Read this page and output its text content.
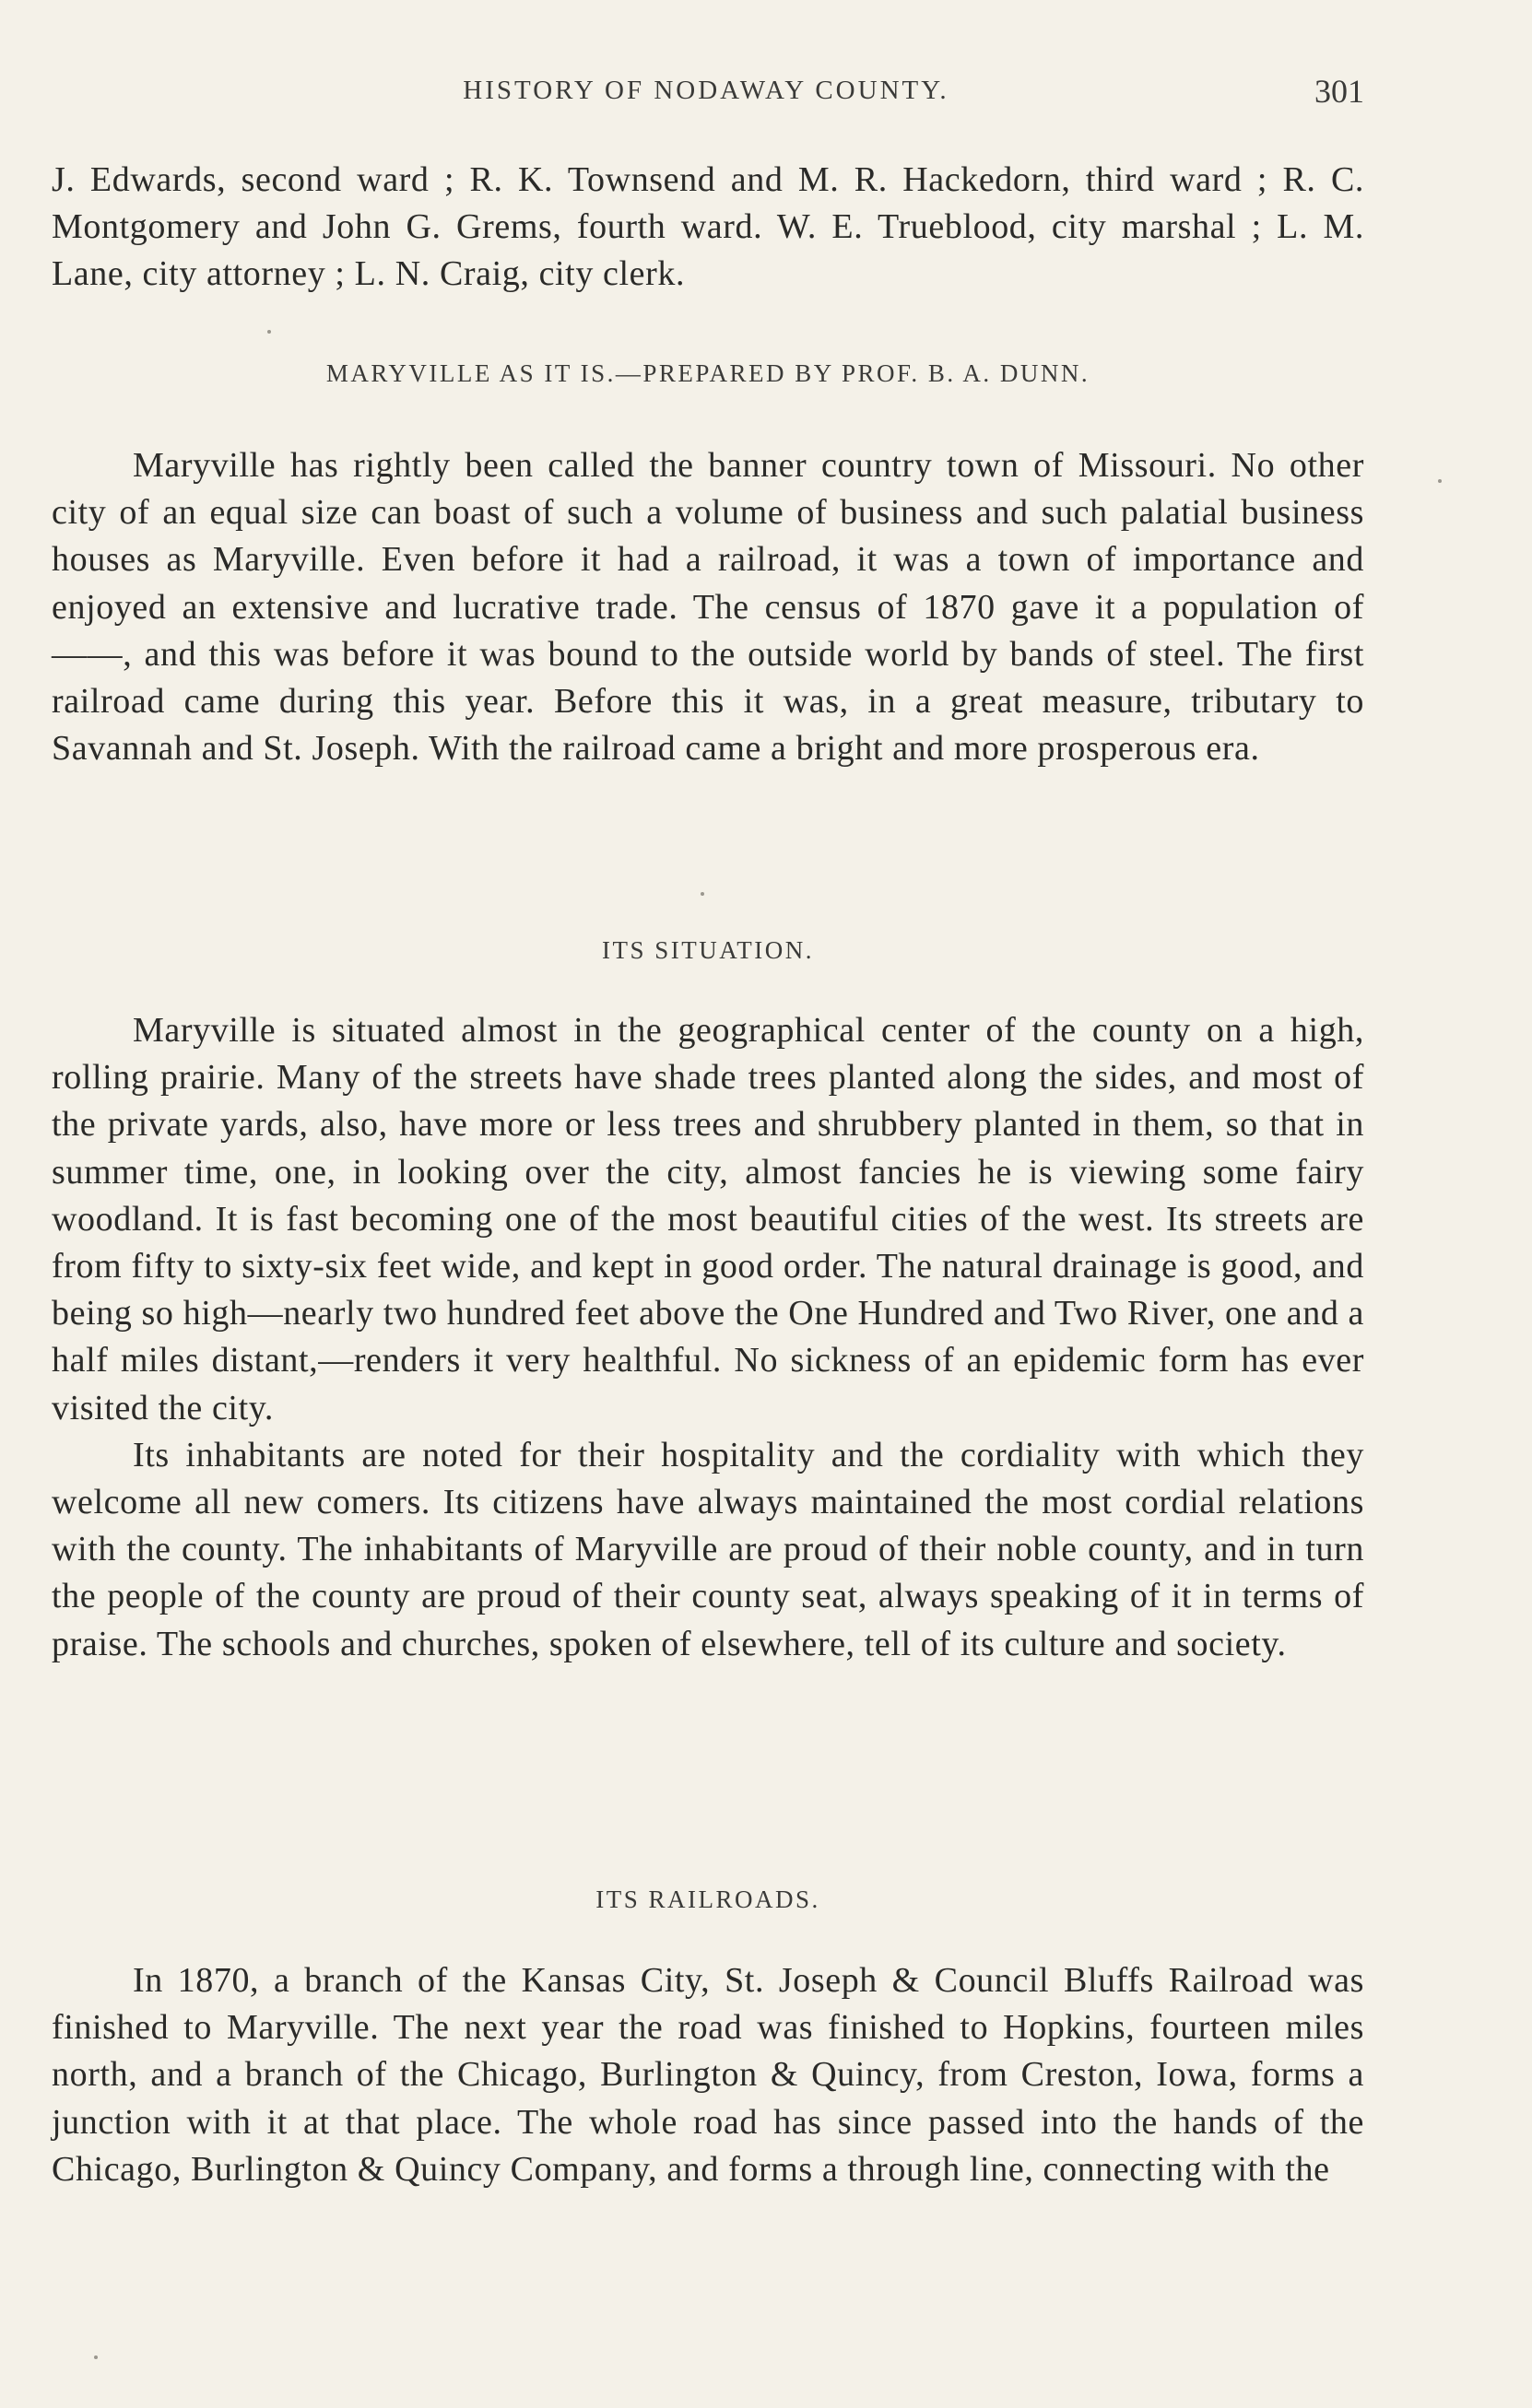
HISTORY OF NODAWAY COUNTY.	301

J. Edwards, second ward ; R. K. Townsend and M. R. Hackedorn, third ward ; R. C. Montgomery and John G. Grems, fourth ward. W. E. Trueblood, city marshal ; L. M. Lane, city attorney ; L. N. Craig, city clerk.

MARYVILLE AS IT IS.—PREPARED BY PROF. B. A. DUNN.

Maryville has rightly been called the banner country town of Missouri. No other city of an equal size can boast of such a volume of business and such palatial business houses as Maryville. Even before it had a railroad, it was a town of importance and enjoyed an extensive and lucrative trade. The census of 1870 gave it a population of ——, and this was before it was bound to the outside world by bands of steel. The first railroad came during this year. Before this it was, in a great measure, tributary to Savannah and St. Joseph. With the railroad came a bright and more prosperous era.

ITS SITUATION.

Maryville is situated almost in the geographical center of the county on a high, rolling prairie. Many of the streets have shade trees planted along the sides, and most of the private yards, also, have more or less trees and shrubbery planted in them, so that in summer time, one, in looking over the city, almost fancies he is viewing some fairy woodland. It is fast becoming one of the most beautiful cities of the west. Its streets are from fifty to sixty-six feet wide, and kept in good order. The natural drainage is good, and being so high—nearly two hundred feet above the One Hundred and Two River, one and a half miles distant,—renders it very healthful. No sickness of an epidemic form has ever visited the city.

Its inhabitants are noted for their hospitality and the cordiality with which they welcome all new comers. Its citizens have always maintained the most cordial relations with the county. The inhabitants of Maryville are proud of their noble county, and in turn the people of the county are proud of their county seat, always speaking of it in terms of praise. The schools and churches, spoken of elsewhere, tell of its culture and society.

ITS RAILROADS.

In 1870, a branch of the Kansas City, St. Joseph & Council Bluffs Railroad was finished to Maryville. The next year the road was finished to Hopkins, fourteen miles north, and a branch of the Chicago, Burlington & Quincy, from Creston, Iowa, forms a junction with it at that place. The whole road has since passed into the hands of the Chicago, Burlington & Quincy Company, and forms a through line, connecting with the
